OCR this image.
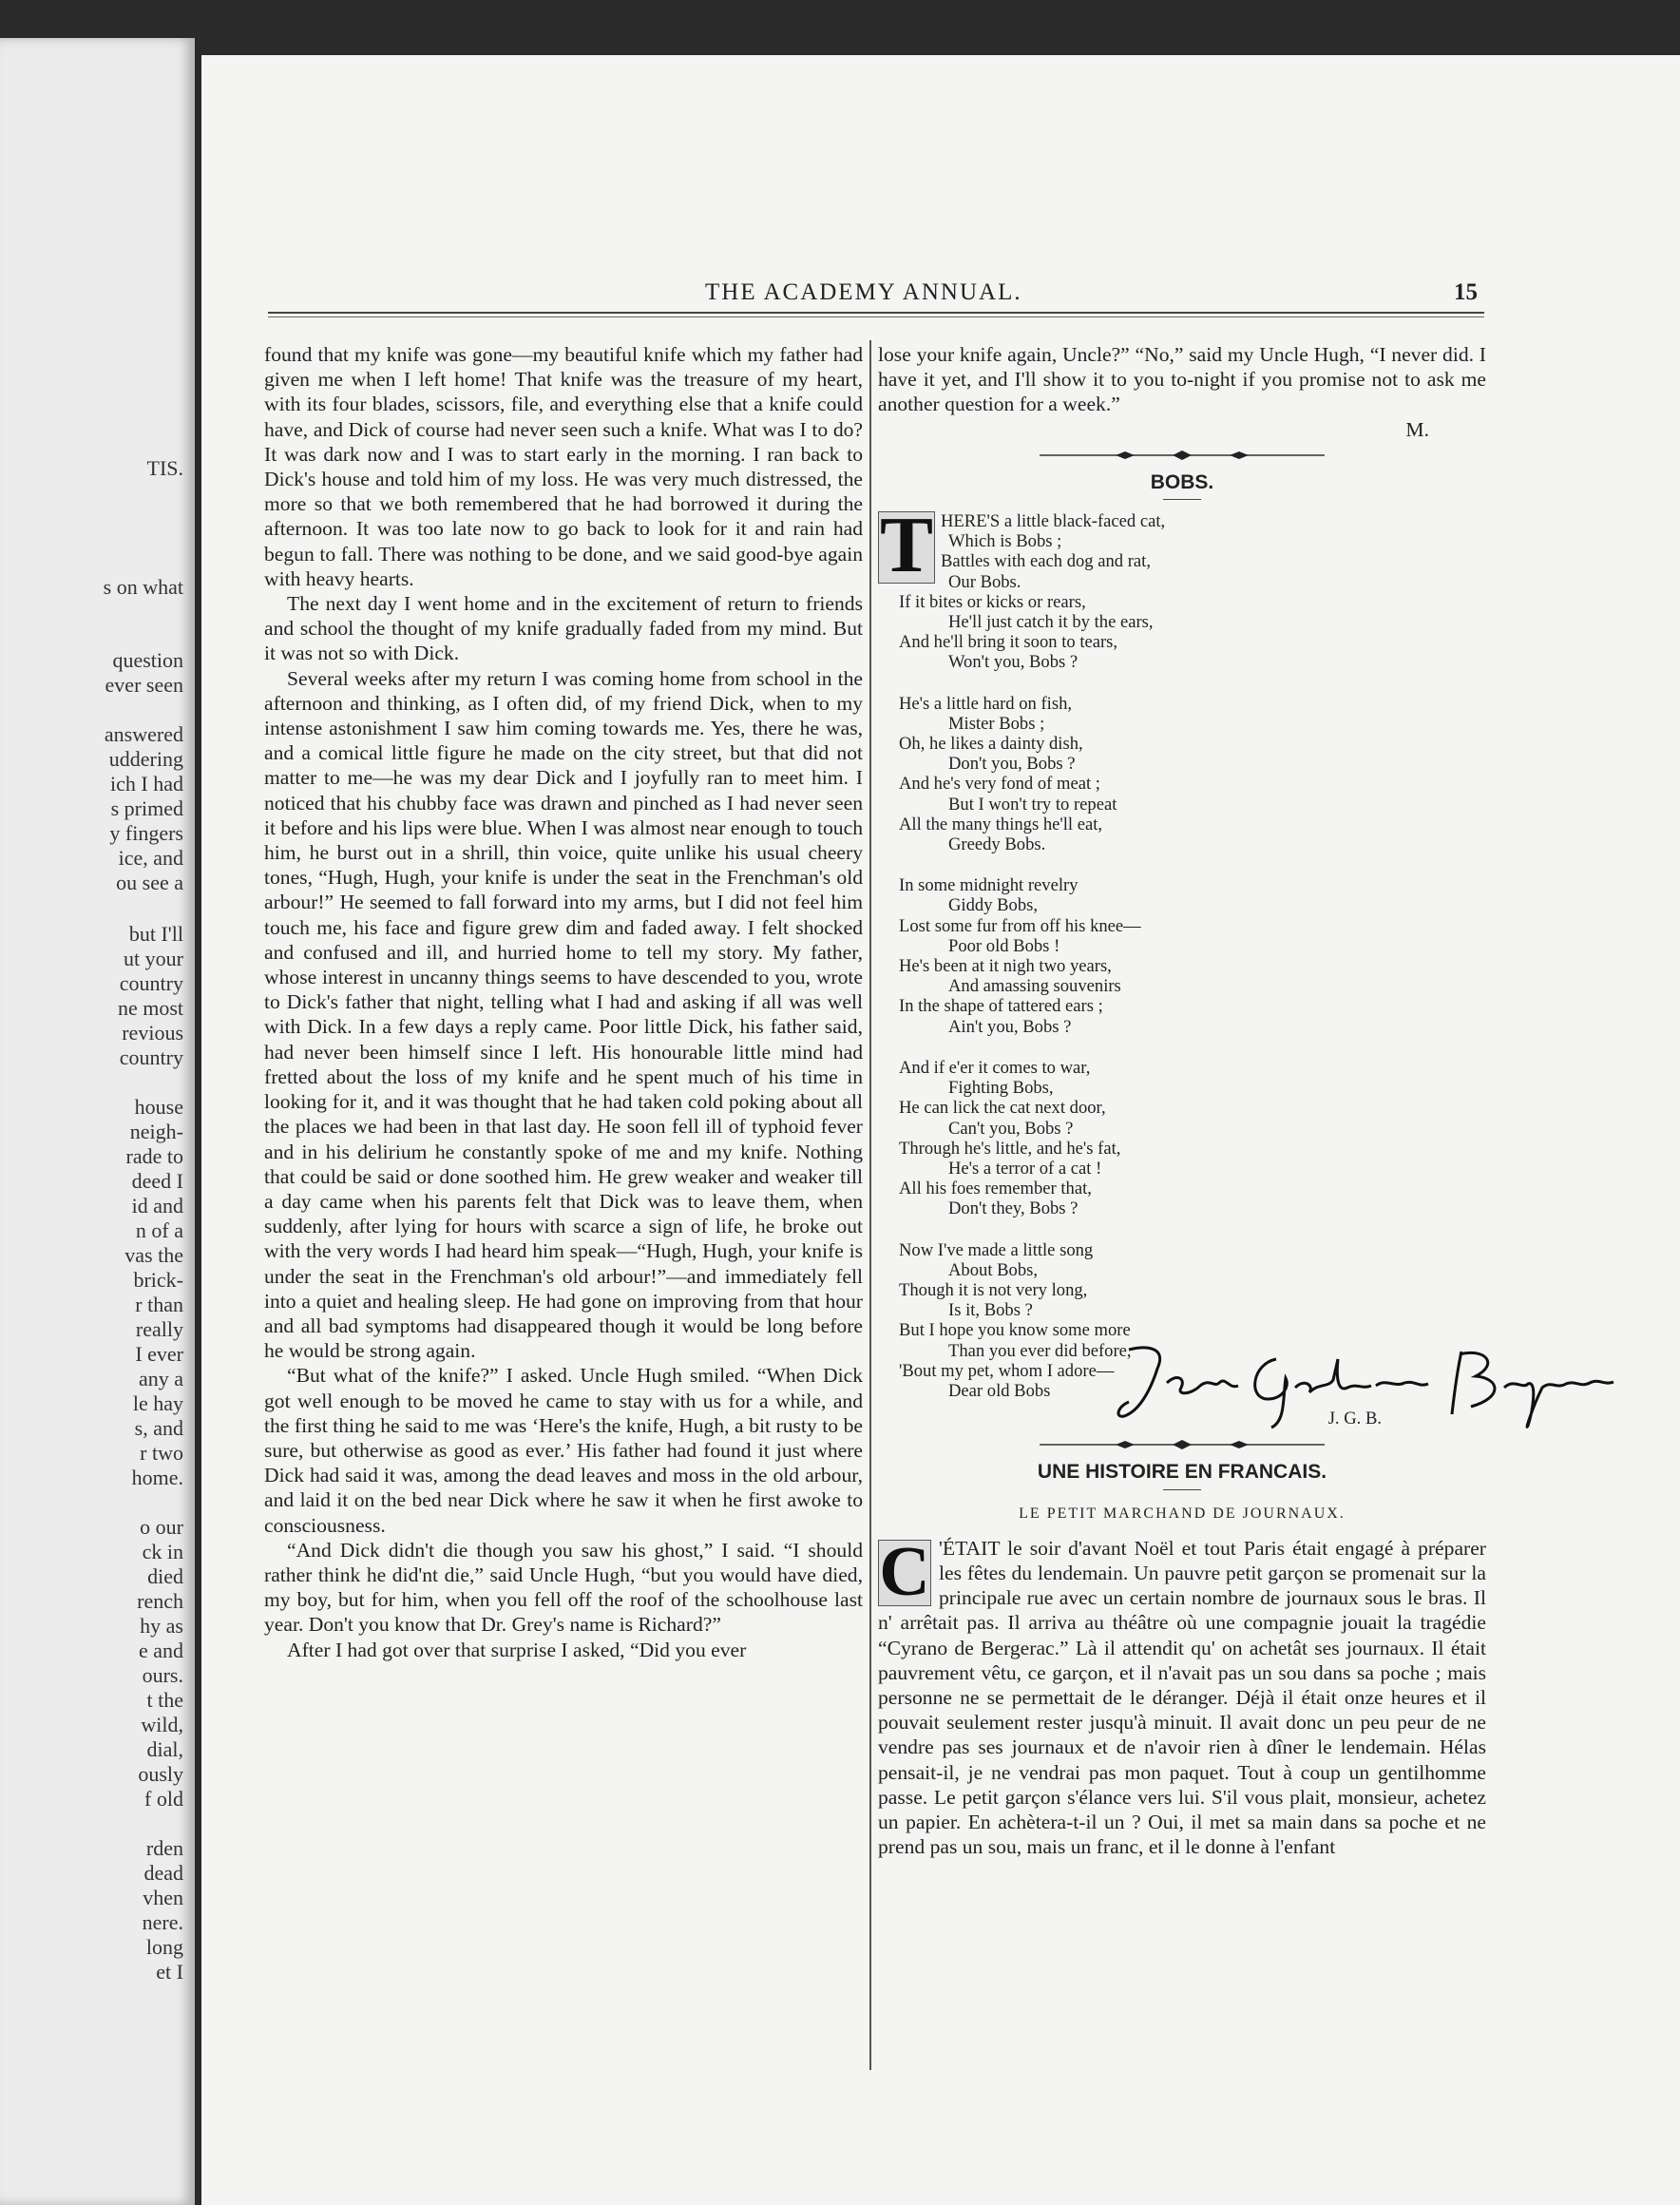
TIS.
s on what
question
ever seen
answered
uddering
ich I had
s primed
y fingers
ice, and
ou see a
but I'll
ut your
country
ne most
revious
country
house
neigh-
rade to
deed I
id and
n of a
vas the
brick-
r than
really
I ever
any a
le hay
s, and
r two
home.
o our
ck in
died
rench
hy as
e and
ours.
t the
wild,
dial,
ously
f old
rden
dead
vhen
nere.
long
et I
THE ACADEMY ANNUAL.	15

found that my knife was gone—my beautiful knife which my father had given me when I left home! That knife was the treasure of my heart, with its four blades, scissors, file, and everything else that a knife could have, and Dick of course had never seen such a knife. What was I to do? It was dark now and I was to start early in the morning. I ran back to Dick's house and told him of my loss. He was very much distressed, the more so that we both remembered that he had borrowed it during the afternoon. It was too late now to go back to look for it and rain had begun to fall. There was nothing to be done, and we said good-bye again with heavy hearts.

The next day I went home and in the excitement of return to friends and school the thought of my knife gradually faded from my mind. But it was not so with Dick.

Several weeks after my return I was coming home from school in the afternoon and thinking, as I often did, of my friend Dick, when to my intense astonishment I saw him coming towards me. Yes, there he was, and a comical little figure he made on the city street, but that did not matter to me—he was my dear Dick and I joyfully ran to meet him. I noticed that his chubby face was drawn and pinched as I had never seen it before and his lips were blue. When I was almost near enough to touch him, he burst out in a shrill, thin voice, quite unlike his usual cheery tones, “Hugh, Hugh, your knife is under the seat in the Frenchman's old arbour!” He seemed to fall forward into my arms, but I did not feel him touch me, his face and figure grew dim and faded away. I felt shocked and confused and ill, and hurried home to tell my story. My father, whose interest in uncanny things seems to have descended to you, wrote to Dick's father that night, telling what I had and asking if all was well with Dick. In a few days a reply came. Poor little Dick, his father said, had never been himself since I left. His honourable little mind had fretted about the loss of my knife and he spent much of his time in looking for it, and it was thought that he had taken cold poking about all the places we had been in that last day. He soon fell ill of typhoid fever and in his delirium he constantly spoke of me and my knife. Nothing that could be said or done soothed him. He grew weaker and weaker till a day came when his parents felt that Dick was to leave them, when suddenly, after lying for hours with scarce a sign of life, he broke out with the very words I had heard him speak—“Hugh, Hugh, your knife is under the seat in the Frenchman's old arbour!”—and immediately fell into a quiet and healing sleep. He had gone on improving from that hour and all bad symptoms had disappeared though it would be long before he would be strong again.

“But what of the knife?” I asked. Uncle Hugh smiled. “When Dick got well enough to be moved he came to stay with us for a while, and the first thing he said to me was ‘Here's the knife, Hugh, a bit rusty to be sure, but otherwise as good as ever.’ His father had found it just where Dick had said it was, among the dead leaves and moss in the old arbour, and laid it on the bed near Dick where he saw it when he first awoke to consciousness.

“And Dick didn't die though you saw his ghost,” I said. “I should rather think he did'nt die,” said Uncle Hugh, “but you would have died, my boy, but for him, when you fell off the roof of the schoolhouse last year. Don't you know that Dr. Grey's name is Richard?”

After I had got over that surprise I asked, “Did you ever

lose your knife again, Uncle?” “No,” said my Uncle Hugh, “I never did. I have it yet, and I'll show it to you to-night if you promise not to ask me another question for a week.”

M.
BOBS.
T HERE'S a little black-faced cat,
Which is Bobs ;
Battles with each dog and rat,
Our Bobs.
If it bites or kicks or rears,
He'll just catch it by the ears,
And he'll bring it soon to tears,
Won't you, Bobs ?
He's a little hard on fish,
Mister Bobs ;
Oh, he likes a dainty dish,
Don't you, Bobs ?
And he's very fond of meat ;
But I won't try to repeat
All the many things he'll eat,
Greedy Bobs.
In some midnight revelry
Giddy Bobs,
Lost some fur from off his knee—
Poor old Bobs !
He's been at it nigh two years,
And amassing souvenirs
In the shape of tattered ears ;
Ain't you, Bobs ?
And if e'er it comes to war,
Fighting Bobs,
He can lick the cat next door,
Can't you, Bobs ?
Through he's little, and he's fat,
He's a terror of a cat !
All his foes remember that,
Don't they, Bobs ?
Now I've made a little song
About Bobs,
Though it is not very long,
Is it, Bobs ?
But I hope you know some more
Than you ever did before,
'Bout my pet, whom I adore—
Dear old Bobs
J. G. B.
UNE HISTOIRE EN FRANCAIS.
LE PETIT MARCHAND DE JOURNAUX.

C 'ÉTAIT le soir d'avant Noël et tout Paris était engagé à préparer les fêtes du lendemain. Un pauvre petit garçon se promenait sur la principale rue avec un certain nombre de journaux sous le bras. Il n' arrêtait pas. Il arriva au théâtre où une compagnie jouait la tragédie “Cyrano de Bergerac.” Là il attendit qu' on achetât ses journaux. Il était pauvrement vêtu, ce garçon, et il n'avait pas un sou dans sa poche ; mais personne ne se permettait de le déranger. Déjà il était onze heures et il pouvait seulement rester jusqu'à minuit. Il avait donc un peu peur de ne vendre pas ses journaux et de n'avoir rien à dîner le lendemain. Hélas pensait-il, je ne vendrai pas mon paquet. Tout à coup un gentilhomme passe. Le petit garçon s'élance vers lui. S'il vous plait, monsieur, achetez un papier. En achètera-t-il un ? Oui, il met sa main dans sa poche et ne prend pas un sou, mais un franc, et il le donne à l'enfant
